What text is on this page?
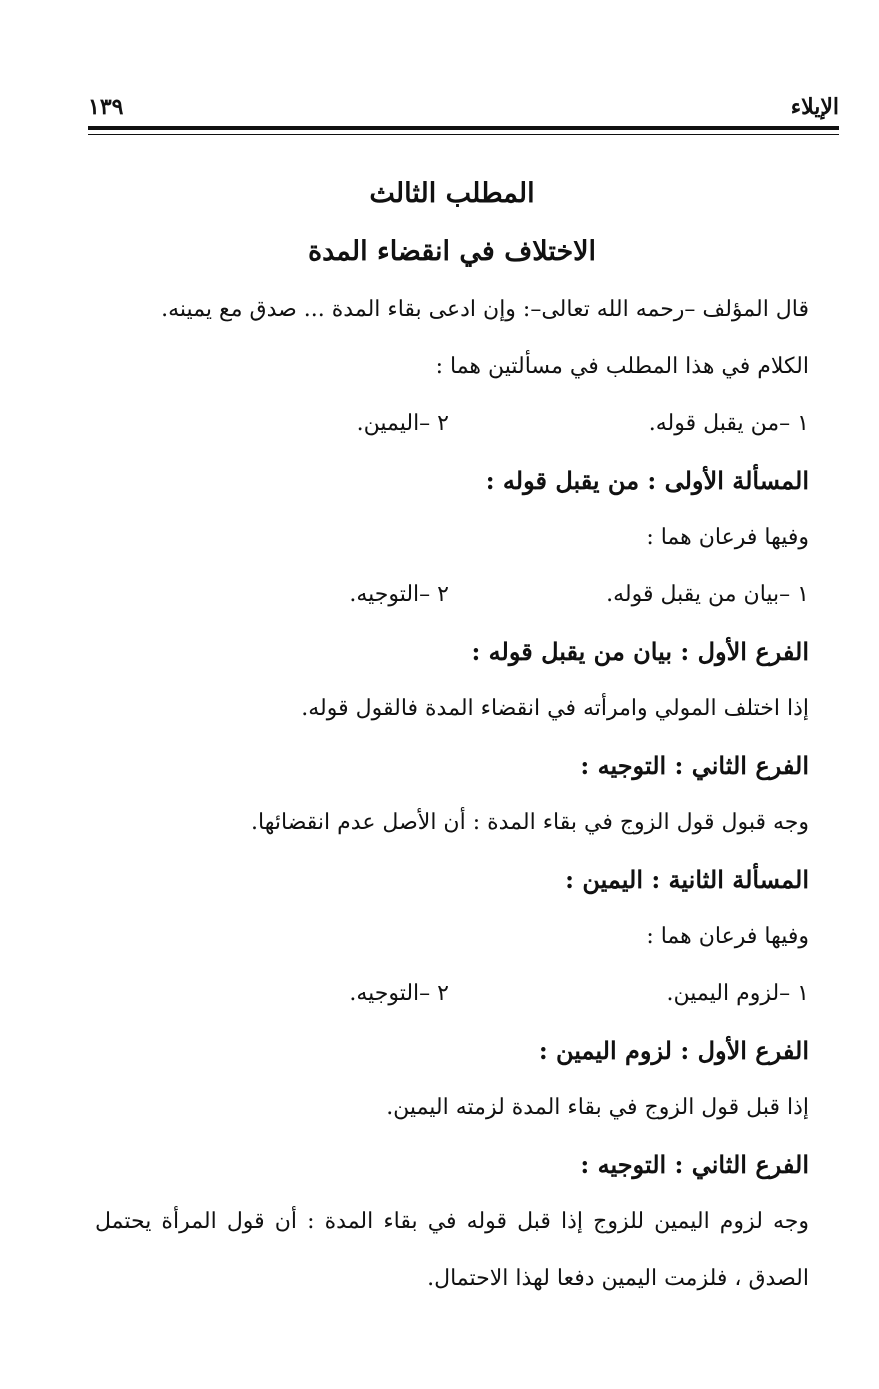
الإيلاء
١٣٩
المطلب الثالث
الاختلاف في انقضاء المدة
قال المؤلف –رحمه الله تعالى–: وإن ادعى بقاء المدة ... صدق مع يمينه.
الكلام في هذا المطلب في مسألتين هما :
١ –من يقبل قوله.
٢ –اليمين.
المسألة الأولى : من يقبل قوله :
وفيها فرعان هما :
١ –بيان من يقبل قوله.
٢ –التوجيه.
الفرع الأول : بيان من يقبل قوله :
إذا اختلف المولي وامرأته في انقضاء المدة فالقول قوله.
الفرع الثاني : التوجيه :
وجه قبول قول الزوج في بقاء المدة : أن الأصل عدم انقضائها.
المسألة الثانية : اليمين :
وفيها فرعان هما :
١ –لزوم اليمين.
٢ –التوجيه.
الفرع الأول : لزوم اليمين :
إذا قبل قول الزوج في بقاء المدة لزمته اليمين.
الفرع الثاني : التوجيه :
وجه لزوم اليمين للزوج إذا قبل قوله في بقاء المدة : أن قول المرأة يحتمل الصدق ، فلزمت اليمين دفعا لهذا الاحتمال.
